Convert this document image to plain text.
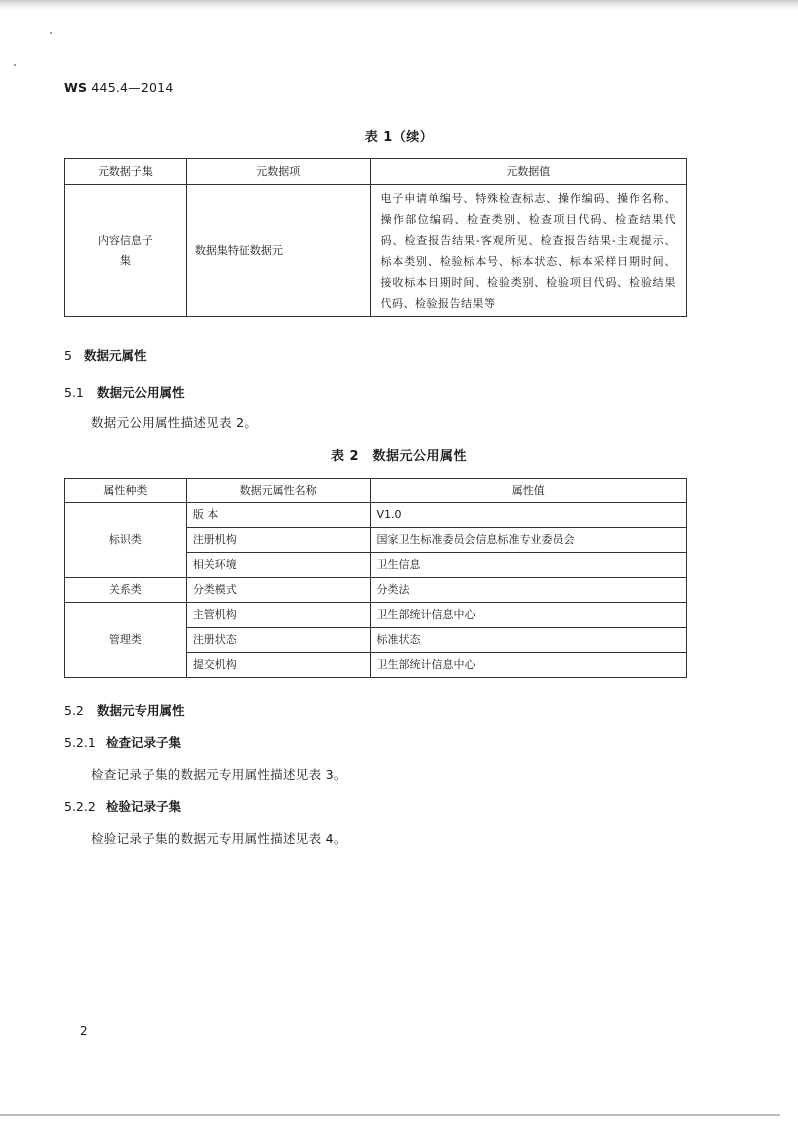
WS 445.4—2014
表 1（续）
元数据子集	元数据项	元数据值
内容信息子集	数据集特征数据元	电子申请单编号、特殊检查标志、操作编码、操作名称、操作部位编码、检查类别、检查项目代码、检查结果代码、检查报告结果-客观所见、检查报告结果-主观提示、标本类别、检验标本号、标本状态、标本采样日期时间、接收标本日期时间、检验类别、检验项目代码、检验结果代码、检验报告结果等
5 数据元属性
5.1 数据元公用属性
数据元公用属性描述见表 2。
表 2　数据元公用属性
属性种类	数据元属性名称	属性值
标识类	版 本	V1.0
	注册机构	国家卫生标准委员会信息标准专业委员会
	相关环境	卫生信息
关系类	分类模式	分类法
管理类	主管机构	卫生部统计信息中心
	注册状态	标准状态
	提交机构	卫生部统计信息中心
5.2 数据元专用属性
5.2.1 检查记录子集
检查记录子集的数据元专用属性描述见表 3。
5.2.2 检验记录子集
检验记录子集的数据元专用属性描述见表 4。
2
